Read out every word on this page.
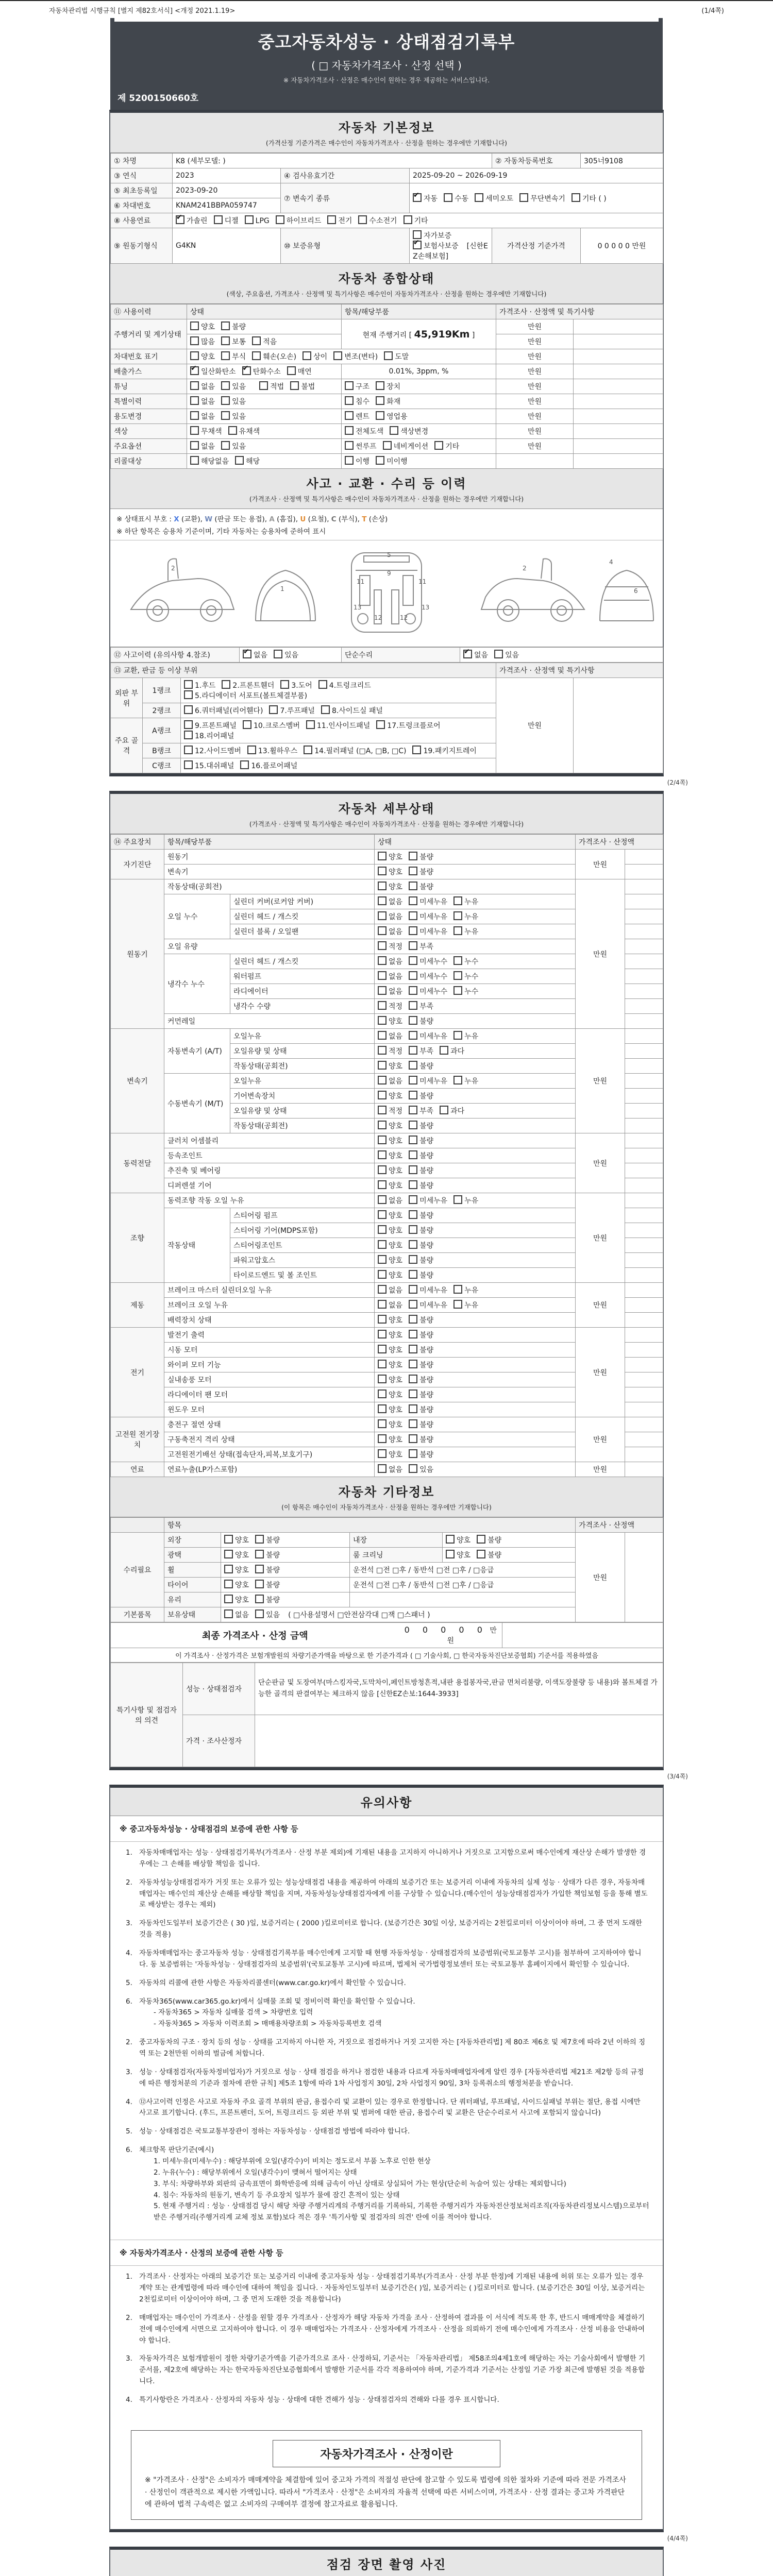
자동차관리법 시행규칙 [별지 제82호서식] <개정 2021.1.19>	(1/4쪽)
중고자동차성능 · 상태점검기록부
( □ 자동차가격조사 · 산정 선택 )
※ 자동차가격조사 · 산정은 매수인이 원하는 경우 제공하는 서비스입니다.
제 5200150660호
자동차 기본정보
(가격산정 기준가격은 매수인이 자동차가격조사 · 산정을 원하는 경우에만 기재합니다)
① 차명	K8 (세부모델: )			② 자동차등록번호	305너9108
③ 연식	2023	④ 검사유효기간	2025-09-20 ~ 2026-09-19		
⑤ 최초등록일	2023-09-20	⑦ 변속기 종류	✔자동 수동 세미오토 무단변속기 기타 ( )
⑥ 차대번호	KNAM241BBPA059747				
⑧ 사용연료	✔가솔린 디젤 LPG 하이브리드 전기 수소전기 기타
⑨ 원동기형식	G4KN	⑩ 보증유형	자가보증✔보험사보증 [신한EZ손해보험]	가격산정 기준가격	0 0 0 0 0 만원
자동차 종합상태
(색상, 주요옵션, 가격조사 · 산정액 및 특기사항은 매수인이 자동차가격조사 · 산정을 원하는 경우에만 기재합니다)
⑪ 사용이력	상태	항목/해당부품	가격조사 · 산정액 및 특기사항	
주행거리 및 계기상태	양호 불량	현재 주행거리 [ 45,919Km ]	만원	
	많음 보통 적음		만원	
차대번호 표기	양호 부식 훼손(오손) 상이 변조(변타) 도말		만원	
배출가스	✔일산화탄소 ✔ 탄화수소 매연	0.01%, 3ppm, %	만원	
튜닝	없음 있음 적법 불법	구조 장치	만원	
특별이력	없음 있음	침수 화재	만원	
용도변경	없음 있음	렌트 영업용	만원	
색상	무채색 유채색	전체도색 색상변경	만원	
주요옵션	없음 있음	썬루프 네비게이션 기타	만원	
리콜대상	해당없음 해당	이행 미이행		
사고 · 교환 · 수리 등 이력
(가격조사 · 산정액 및 특기사항은 매수인이 자동차가격조사 · 산정을 원하는 경우에만 기재합니다)
※ 상태표시 부호 : X (교환), W (판금 또는 용접), A (흠집), U (요철), C (부식), T (손상)
※ 하단 항목은 승용차 기준이며, 기타 자동차는 승용차에 준하여 표시
2
1
5
9
11	11
12	12
13	13
2
4
6
⑫ 사고이력 (유의사항 4.참조)	✔없음 있음	단순수리	✔없음 있음
⑬ 교환, 판금 등 이상 부위			가격조사 · 산정액 및 특기사항	
외판 부위	1랭크	1.후드 2.프론트휀더 3.도어 4.트렁크리드5.라디에이터 서포트(볼트체결부품)	만원	
	2랭크	6.쿼터패널(리어휀다) 7.루프패널 8.사이드실 패널		
주요 골격	A랭크	9.프론트패널 10.크로스멤버 11.인사이드패널 17.트렁크플로어18.리어패널		
	B랭크	12.사이드멤버 13.휠하우스 14.필러패널 (□A, □B, □C) 19.패키지트레이		
	C랭크	15.대쉬패널 16.플로어패널		
(2/4쪽)
자동차 세부상태
(가격조사 · 산정액 및 특기사항은 매수인이 자동차가격조사 · 산정을 원하는 경우에만 기재합니다)
⑭ 주요장치	항목/해당부품		상태	가격조사 · 산정액	
자기진단	원동기		양호 불량	만원	
	변속기		양호 불량		
원동기	작동상태(공회전)		양호 불량	만원	
	오일 누수	실린더 커버(로커암 커버)	없음 미세누유 누유		
		실린더 헤드 / 개스킷	없음 미세누유 누유		
		실린더 블록 / 오일팬	없음 미세누유 누유		
	오일 유량		적정 부족		
	냉각수 누수	실린더 헤드 / 개스킷	없음 미세누수 누수		
		워터펌프	없음 미세누수 누수		
		라디에이터	없음 미세누수 누수		
		냉각수 수량	적정 부족		
	커먼레일		양호 불량		
변속기	자동변속기 (A/T)	오일누유	없음 미세누유 누유	만원	
		오일유량 및 상태	적정 부족 과다		
		작동상태(공회전)	양호 불량		
	수동변속기 (M/T)	오일누유	없음 미세누유 누유		
		기어변속장치	양호 불량		
		오일유량 및 상태	적정 부족 과다		
		작동상태(공회전)	양호 불량		
동력전달	클러치 어셈블리		양호 불량	만원	
	등속조인트		양호 불량		
	추진축 및 베어링		양호 불량		
	디퍼렌셜 기어		양호 불량		
조향	동력조향 작동 오일 누유		없음 미세누유 누유	만원	
	작동상태	스티어링 펌프	양호 불량		
		스티어링 기어(MDPS포함)	양호 불량		
		스티어링조인트	양호 불량		
		파워고압호스	양호 불량		
		타이로드엔드 및 볼 조인트	양호 불량		
제동	브레이크 마스터 실린더오일 누유		없음 미세누유 누유	만원	
	브레이크 오일 누유		없음 미세누유 누유		
	배력장치 상태		양호 불량		
전기	발전기 출력		양호 불량	만원	
	시동 모터		양호 불량		
	와이퍼 모터 기능		양호 불량		
	실내송풍 모터		양호 불량		
	라디에이터 팬 모터		양호 불량		
	윈도우 모터		양호 불량		
고전원 전기장치	충전구 절연 상태		양호 불량	만원	
	구동축전지 격리 상태		양호 불량		
	고전원전기배선 상태(접속단자,피복,보호기구)		양호 불량		
연료	연료누출(LP가스포함)		없음 있음	만원	
자동차 기타정보
(이 항목은 매수인이 자동차가격조사 · 산정을 원하는 경우에만 기재합니다)
	항목				가격조사 · 산정액	
수리필요	외장	양호 불량	내장	양호 불량	만원	
	광택	양호 불량	룸 크리닝	양호 불량		
	휠	양호 불량	운전석 □전 □후 / 동반석 □전 □후 / □응급			
	타이어	양호 불량	운전석 □전 □후 / 동반석 □전 □후 / □응급			
	유리	양호 불량				
기본품목	보유상태	없음 있음 ( □사용설명서 □안전삼각대 □잭 □스패너 )				
최종 가격조사 · 산정 금액	0 0 0 0 0 만원	
이 가격조사 · 산정가격은 보험개발원의 차량기준가액을 바탕으로 한 기준가격과 ( □ 기술사회, □ 한국자동차진단보증협회) 기준서를 적용하였음
특기사항 및 점검자의 의견	성능 · 상태점검자	단순판금 및 도장여부(마스킹자국,도막차이,페인트방청흔적,내판 용접봉자국,판금 면처리불량, 이색도장불량 등 내용)와 볼트체결 가능한 골격의 판결여부는 체크하지 않음 [신한EZ손보:1644-3933]
	가격 · 조사산정자	
(3/4쪽)
유의사항
※ 중고자동차성능 · 상태점검의 보증에 관한 사항 등
1. 자동차매매업자는 성능 · 상태점검기록부(가격조사 · 산정 부분 제외)에 기재된 내용을 고지하지 아니하거나 거짓으로 고지함으로써 매수인에게 재산상 손해가 발생한 경우에는 그 손해를 배상할 책임을 집니다.
2. 자동차성능상태점검자가 거짓 또는 오류가 있는 성능상태점검 내용을 제공하여 아래의 보증기간 또는 보증거리 이내에 자동차의 실제 성능 · 상태가 다른 경우, 자동차매매업자는 매수인의 재산상 손해를 배상할 책임을 지며, 자동차성능상태점검자에게 이를 구상할 수 있습니다.(매수인이 성능상태점검자가 가입한 책임보험 등을 통해 별도로 배상받는 경우는 제외)
3. 자동차인도일부터 보증기간은 ( 30 )일, 보증거리는 ( 2000 )킬로미터로 합니다. (보증기간은 30일 이상, 보증거리는 2천킬로미터 이상이어야 하며, 그 중 먼저 도래한 것을 적용)
4. 자동차매매업자는 중고자동차 성능 · 상태점검기록부를 매수인에게 고지할 때 현행 자동차성능 · 상태점검자의 보증범위(국토교통부 고시)를 첨부하여 고지하여야 합니다. 동 보증범위는 '자동차성능 · 상태점검자의 보증범위'(국토교통부 고시)에 따르며, 법제처 국가법령정보센터 또는 국토교통부 홈페이지에서 확인할 수 있습니다.
5. 자동차의 리콜에 관한 사항은 자동차리콜센터(www.car.go.kr)에서 확인할 수 있습니다.
6. 자동차365(www.car365.go.kr)에서 실매물 조회 및 정비이력 확인을 확인할 수 있습니다.
- 자동차365 > 자동차 실매물 검색 > 차량번호 입력
- 자동차365 > 자동차 이력조회 > 매매용차량조회 > 자동차등록번호 검색
2. 중고자동차의 구조 · 장치 등의 성능 · 상태를 고지하지 아니한 자, 거짓으로 점검하거나 거짓 고지한 자는 [자동차관리법] 제 80조 제6호 및 제7호에 따라 2년 이하의 징역 또는 2천만원 이하의 벌금에 처합니다.
3. 성능 · 상태점검자(자동차정비업자)가 거짓으로 성능 · 상태 점검을 하거나 점검한 내용과 다르게 자동차매매업자에게 알린 경우 [자동차관리법 제21조 제2항 등의 규정에 따른 행정처분의 기준과 절차에 관한 규칙] 제5조 1항에 따라 1차 사업정지 30일, 2차 사업정지 90일, 3차 등록취소의 행정처분을 받습니다.
4. ⑫사고이력 인정은 사고로 자동차 주요 골격 부위의 판금, 용접수리 및 교환이 있는 경우로 한정합니다. 단 쿼터패널, 루프패널, 사이드실패널 부위는 절단, 용접 시에만 사고로 표기합니다. (후드, 프론트펜더, 도어, 트렁크리드 등 외판 부위 및 범퍼에 대한 판금, 용접수리 및 교환은 단순수리로서 사고에 포함되지 않습니다)
5. 성능 · 상태점검은 국토교통부장관이 정하는 자동차성능 · 상태점검 방법에 따라야 합니다.
6. 체크항목 판단기준(예시)
1. 미세누유(미세누수) : 해당부위에 오일(냉각수)이 비치는 정도로서 부품 노후로 인한 현상
2. 누유(누수) : 해당부위에서 오일(냉각수)이 맺혀서 떨어지는 상태
3. 부식: 차량하부와 외판의 금속표면이 화학반응에 의해 금속이 아닌 상태로 상실되어 가는 현상(단순히 녹슬어 있는 상태는 제외합니다)
4. 침수: 자동차의 원동기, 변속기 등 주요장치 일부가 물에 잠긴 흔적이 있는 상태
5. 현재 주행거리 : 성능 · 상태점검 당시 해당 차량 주행거리계의 주행거리를 기록하되, 기록한 주행거리가 자동차전산정보처리조직(자동차관리정보시스템)으로부터 받은 주행거리(주행거리계 교체 정보 포함)보다 적은 경우 '특기사항 및 점검자의 의견' 란에 이를 적어야 합니다.
※ 자동차가격조사 · 산정의 보증에 관한 사항 등
1. 가격조사 · 산정자는 아래의 보증기간 또는 보증거리 이내에 중고자동차 성능 · 상태점검기록부(가격조사 · 산정 부분 한정)에 기재된 내용에 허위 또는 오류가 있는 경우 계약 또는 관계법령에 따라 매수인에 대하여 책임을 집니다. · 자동차인도일부터 보증기간은( )일, 보증거리는 ( )킬로미터로 합니다. (보증기간은 30일 이상, 보증거리는 2천킬로미터 이상이어야 하며, 그 중 먼저 도래한 것을 적용합니다)
2. 매매업자는 매수인이 가격조사 · 산정을 원할 경우 가격조사 · 산정자가 해당 자동차 가격을 조사 · 산정하여 결과를 이 서식에 적도록 한 후, 반드시 매매계약을 체결하기 전에 매수인에게 서면으로 고지하여야 합니다. 이 경우 매매업자는 가격조사 · 산정자에게 가격조사 · 산정을 의뢰하기 전에 매수인에게 가격조사 · 산정 비용을 안내하여야 합니다.
3. 자동차가격은 보험개발원이 정한 차량기준가액을 기준가격으로 조사 · 산정하되, 기준서는 「자동차관리법」 제58조의4제1호에 해당하는 자는 기술사회에서 발행한 기준서를, 제2호에 해당하는 자는 한국자동차진단보증협회에서 발행한 기준서를 각각 적용하여야 하며, 기준가격과 기준서는 산정일 기준 가장 최근에 발행된 것을 적용합니다.
4. 특기사항란은 가격조사 · 산정자의 자동차 성능 · 상태에 대한 견해가 성능 · 상태점검자의 견해와 다를 경우 표시합니다.
자동차가격조사 · 산정이란
※ "가격조사 · 산정"은 소비자가 매매계약을 체결함에 있어 중고차 가격의 적절성 판단에 참고할 수 있도록 법령에 의한 절차와 기준에 따라 전문 가격조사 · 산정인이 객관적으로 제시한 가액입니다. 따라서 "가격조사 · 산정"은 소비자의 자율적 선택에 따른 서비스이며, 가격조사 · 산정 결과는 중고차 가격판단에 관하여 법적 구속력은 없고 소비자의 구매여부 결정에 참고자료로 활용됩니다.
(4/4쪽)
점검 장면 촬영 사진
